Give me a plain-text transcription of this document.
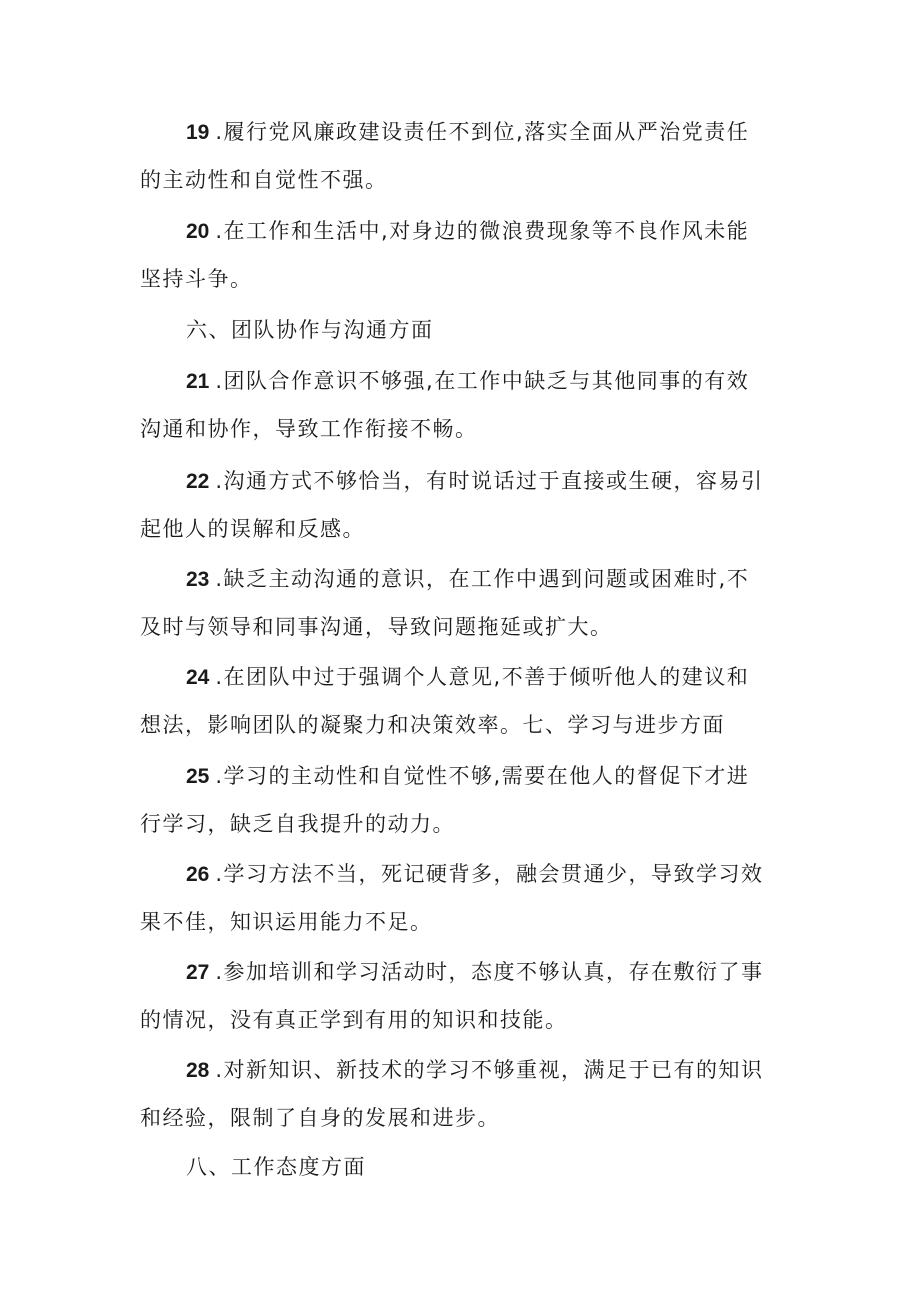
19 .履行党风廉政建设责任不到位,落实全面从严治党责任
的主动性和自觉性不强。
20 .在工作和生活中,对身边的微浪费现象等不良作风未能
坚持斗争。
六、团队协作与沟通方面
21 .团队合作意识不够强,在工作中缺乏与其他同事的有效
沟通和协作，导致工作衔接不畅。
22 .沟通方式不够恰当，有时说话过于直接或生硬，容易引
起他人的误解和反感。
23 .缺乏主动沟通的意识，在工作中遇到问题或困难时,不
及时与领导和同事沟通，导致问题拖延或扩大。
24 .在团队中过于强调个人意见,不善于倾听他人的建议和
想法，影响团队的凝聚力和决策效率。七、学习与进步方面
25 .学习的主动性和自觉性不够,需要在他人的督促下才进
行学习，缺乏自我提升的动力。
26 .学习方法不当，死记硬背多，融会贯通少，导致学习效
果不佳，知识运用能力不足。
27 .参加培训和学习活动时，态度不够认真，存在敷衍了事
的情况，没有真正学到有用的知识和技能。
28 .对新知识、新技术的学习不够重视，满足于已有的知识
和经验，限制了自身的发展和进步。
八、工作态度方面
